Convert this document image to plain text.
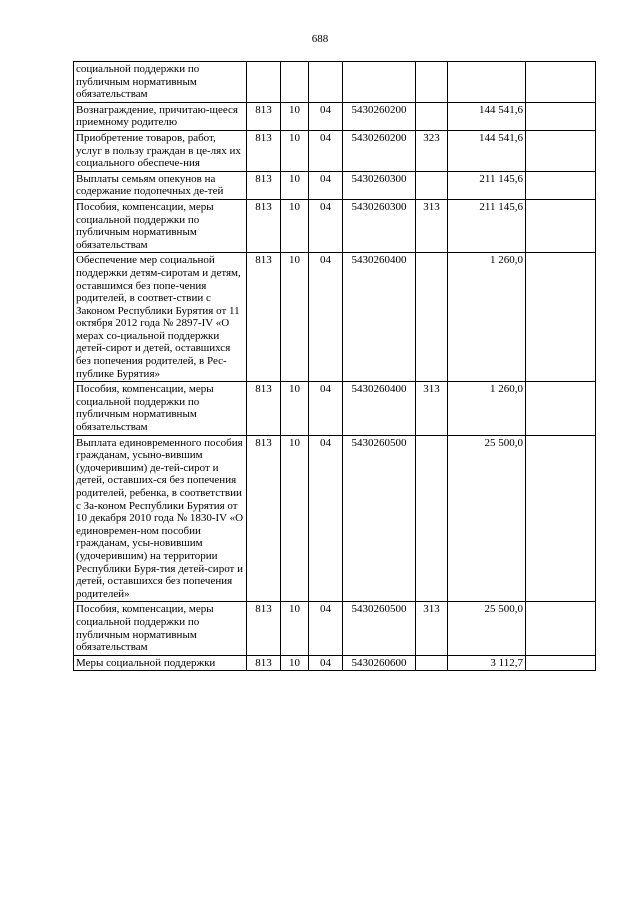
688
социальной поддержки по публичным нормативным обязательствам							
Вознаграждение, причитаю-щееся приемному родителю	813	10	04	5430260200		144 541,6	
Приобретение товаров, работ, услуг в пользу граждан в це-лях их социального обеспече-ния	813	10	04	5430260200	323	144 541,6	
Выплаты семьям опекунов на содержание подопечных де-тей	813	10	04	5430260300		211 145,6	
Пособия, компенсации, меры социальной поддержки по публичным нормативным обязательствам	813	10	04	5430260300	313	211 145,6	
Обеспечение мер социальной поддержки детям-сиротам и детям, оставшимся без попе-чения родителей, в соответ-ствии с Законом Республики Бурятия от 11 октября 2012 года № 2897-IV «О мерах со-циальной поддержки детей-сирот и детей, оставшихся без попечения родителей, в Рес-публике Бурятия»	813	10	04	5430260400		1 260,0	
Пособия, компенсации, меры социальной поддержки по публичным нормативным обязательствам	813	10	04	5430260400	313	1 260,0	
Выплата единовременного пособия гражданам, усыно-вившим (удочерившим) де-тей-сирот и детей, оставших-ся без попечения родителей, ребенка, в соответствии с За-коном Республики Бурятия от 10 декабря 2010 года № 1830-IV «О единовремен-ном пособии гражданам, усы-новившим (удочерившим) на территории Республики Буря-тия детей-сирот и детей, оставшихся без попечения родителей»	813	10	04	5430260500		25 500,0	
Пособия, компенсации, меры социальной поддержки по публичным нормативным обязательствам	813	10	04	5430260500	313	25 500,0	
Меры социальной поддержки	813	10	04	5430260600		3 112,7	
